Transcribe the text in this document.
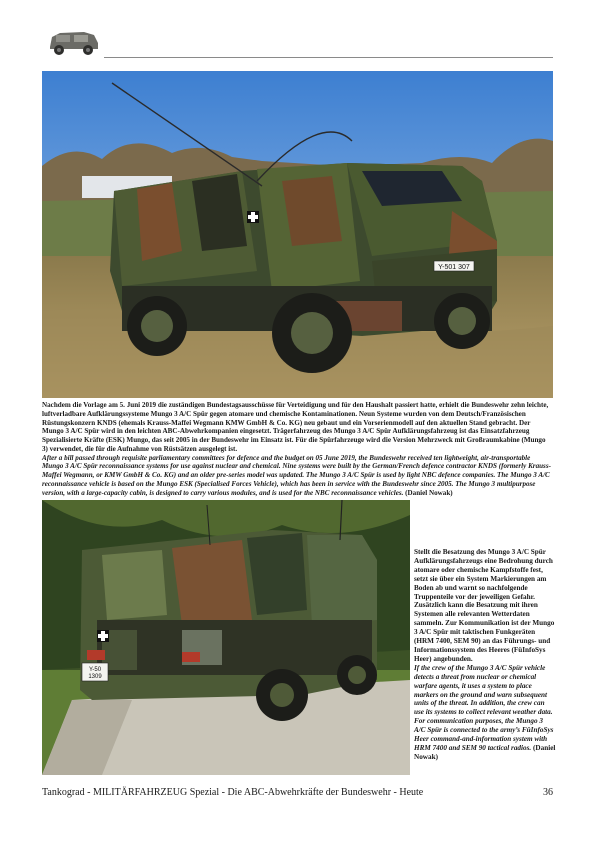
Y-501 307

Nachdem die Vorlage am 5. Juni 2019 die zuständigen Bundestagsausschüsse für Verteidigung und für den Haushalt passiert hatte, erhielt die Bundeswehr zehn leichte, luftverladbare Aufklärungssysteme Mungo 3 A/C Spür gegen atomare und chemische Kontaminationen. Neun Systeme wurden von dem Deutsch/Französischen Rüstungskonzern KNDS (ehemals Krauss-Maffei Wegmann KMW GmbH & Co. KG) neu gebaut und ein Vorserienmodell auf den aktuellen Stand gebracht. Der Mungo 3 A/C Spür wird in den leichten ABC-Abwehrkompanien eingesetzt. Trägerfahrzeug des Mungo 3 A/C Spür Aufklärungsfahrzeug ist das Einsatzfahrzeug Spezialisierte Kräfte (ESK) Mungo, das seit 2005 in der Bundeswehr im Einsatz ist. Für die Spürfahrzeuge wird die Version Mehrzweck mit Großraumkabine (Mungo 3) verwendet, die für die Aufnahme von Rüstsätzen ausgelegt ist.

After a bill passed through requisite parliamentary committees for defence and the budget on 05 June 2019, the Bundeswehr received ten lightweight, air-transportable Mungo 3 A/C Spür reconnaissance systems for use against nuclear and chemical. Nine systems were built by the German/French defence contractor KNDS (formerly Krauss-Maffei Wegmann, or KMW GmbH & Co. KG) and an older pre-series model was updated. The Mungo 3 A/C Spür is used by light NBC defence companies. The Mungo 3 A/C reconnaissance vehicle is based on the Mungo ESK (Specialised Forces Vehicle), which has been in service with the Bundeswehr since 2005. The Mungo 3 multipurpose version, with a large-capacity cabin, is designed to carry various modules, and is used for the NBC reconnaissance vehicles. (Daniel Nowak)

Y-50 1309

Stellt die Besatzung des Mungo 3 A/C Spür Aufklärungsfahrzeugs eine Bedrohung durch atomare oder chemische Kampfstoffe fest, setzt sie über ein System Markierungen am Boden ab und warnt so nachfolgende Truppenteile vor der jeweiligen Gefahr. Zusätzlich kann die Besatzung mit ihren Systemen alle relevanten Wetterdaten sammeln. Zur Kommunikation ist der Mungo 3 A/C Spür mit taktischen Funkgeräten (HRM 7400, SEM 90) an das Führungs- und Informationssystem des Heeres (FüInfoSys Heer) angebunden.

If the crew of the Mungo 3 A/C Spür vehicle detects a threat from nuclear or chemical warfare agents, it uses a system to place markers on the ground and warn subsequent units of the threat. In addition, the crew can use its systems to collect relevant weather data. For communication purposes, the Mungo 3 A/C Spür is connected to the army’s FüInfoSys Heer command-and-information system with HRM 7400 and SEM 90 tactical radios. (Daniel Nowak)

Tankograd - MILITÄRFAHRZEUG Spezial - Die ABC-Abwehrkräfte der Bundeswehr - Heute	36
